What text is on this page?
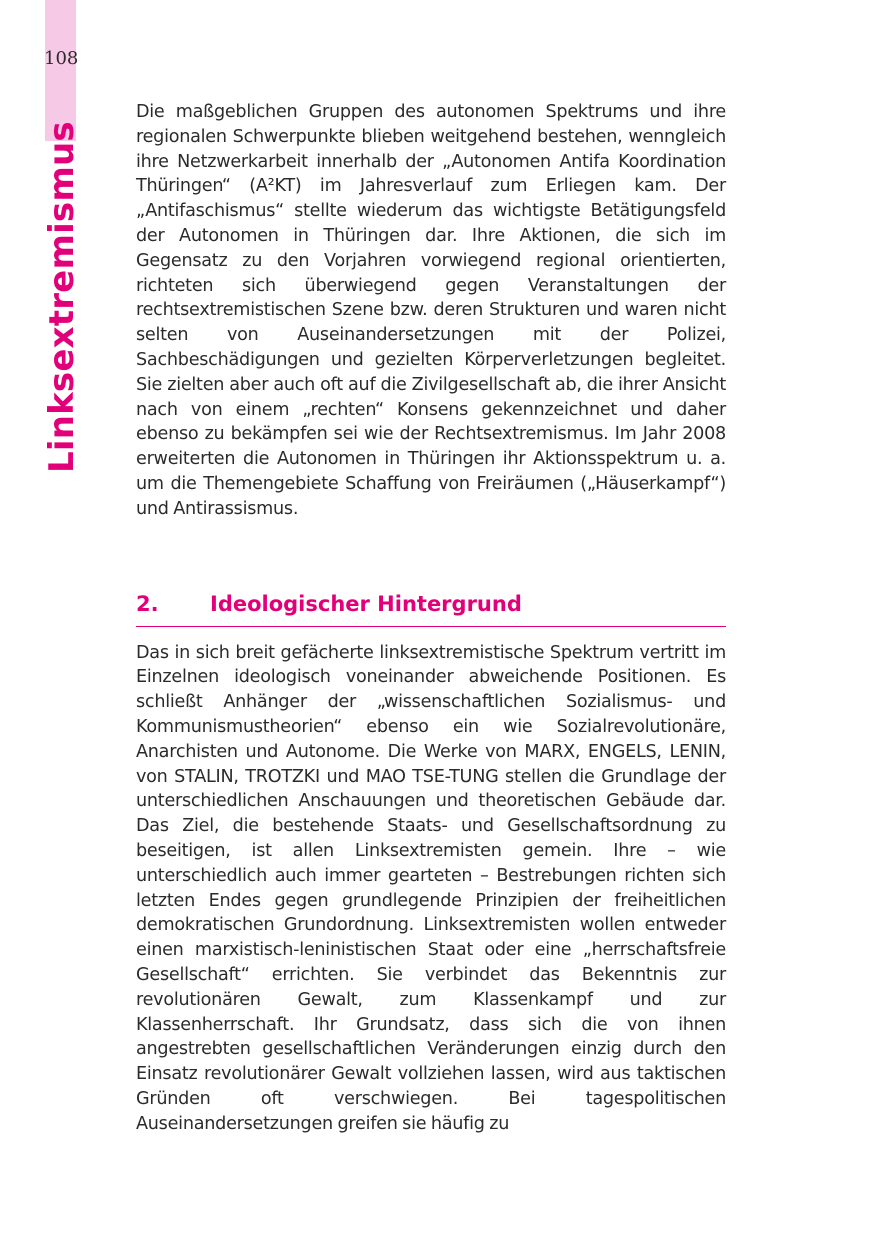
108
Linksextremismus

Die maßgeblichen Gruppen des autonomen Spektrums und ihre regionalen Schwerpunkte blieben weitgehend bestehen, wenngleich ihre Netzwerkarbeit innerhalb der „Autonomen Antifa Koordination Thüringen“ (A²KT) im Jahresverlauf zum Erliegen kam. Der „Antifaschismus“ stellte wiederum das wichtigste Betätigungsfeld der Autonomen in Thüringen dar. Ihre Aktionen, die sich im Gegensatz zu den Vorjahren vorwiegend regional orientierten, richteten sich überwiegend gegen Veranstaltungen der rechtsextremistischen Szene bzw. deren Strukturen und waren nicht selten von Auseinandersetzungen mit der Polizei, Sachbeschädigungen und gezielten Körperverletzungen begleitet. Sie zielten aber auch oft auf die Zivilgesellschaft ab, die ihrer Ansicht nach von einem „rechten“ Konsens gekennzeichnet und daher ebenso zu bekämpfen sei wie der Rechtsextremismus. Im Jahr 2008 erweiterten die Autonomen in Thüringen ihr Aktionsspektrum u. a. um die Themengebiete Schaffung von Freiräumen („Häuserkampf“) und Antirassismus.

2.	Ideologischer Hintergrund

Das in sich breit gefächerte linksextremistische Spektrum vertritt im Einzelnen ideologisch voneinander abweichende Positionen. Es schließt Anhänger der „wissenschaftlichen Sozialismus- und Kommunismustheorien“ ebenso ein wie Sozialrevolutionäre, Anarchisten und Autonome. Die Werke von MARX, ENGELS, LENIN, von STALIN, TROTZKI und MAO TSE-TUNG stellen die Grundlage der unterschiedlichen Anschauungen und theoretischen Gebäude dar. Das Ziel, die bestehende Staats- und Gesellschaftsordnung zu beseitigen, ist allen Linksextremisten gemein. Ihre – wie unterschiedlich auch immer gearteten – Bestrebungen richten sich letzten Endes gegen grundlegende Prinzipien der freiheitlichen demokratischen Grundordnung. Linksextremisten wollen entweder einen marxistisch-leninistischen Staat oder eine „herrschaftsfreie Gesellschaft“ errichten. Sie verbindet das Bekenntnis zur revolutionären Gewalt, zum Klassenkampf und zur Klassenherrschaft. Ihr Grundsatz, dass sich die von ihnen angestrebten gesellschaftlichen Veränderungen einzig durch den Einsatz revolutionärer Gewalt vollziehen lassen, wird aus taktischen Gründen oft verschwiegen. Bei tagespolitischen Auseinandersetzungen greifen sie häufig zu
